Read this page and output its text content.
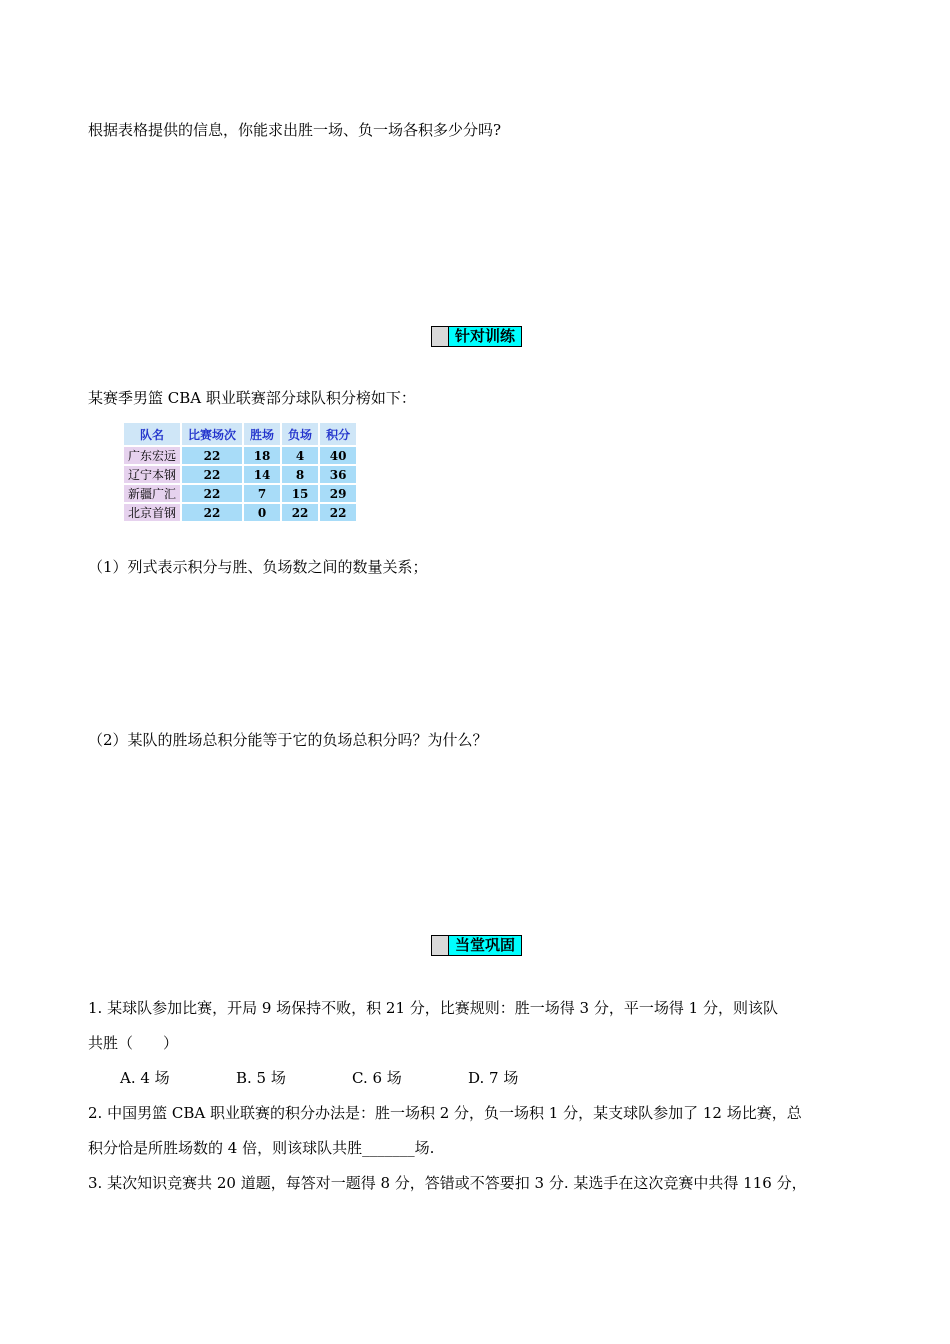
根据表格提供的信息，你能求出胜一场、负一场各积多少分吗?
针对训练
某赛季男篮 CBA 职业联赛部分球队积分榜如下：
队名	比赛场次	胜场	负场	积分
广东宏远	22	18	4	40
辽宁本钢	22	14	8	36
新疆广汇	22	7	15	29
北京首钢	22	0	22	22
（1）列式表示积分与胜、负场数之间的数量关系；
（2）某队的胜场总积分能等于它的负场总积分吗？为什么？
当堂巩固
1. 某球队参加比赛，开局 9 场保持不败，积 21 分，比赛规则：胜一场得 3 分，平一场得 1 分，则该队
共胜（　　）
A. 4 场	B. 5 场	C. 6 场	D. 7 场
2. 中国男篮 CBA 职业联赛的积分办法是：胜一场积 2 分，负一场积 1 分，某支球队参加了 12 场比赛，总
积分恰是所胜场数的 4 倍，则该球队共胜_______场.
3. 某次知识竞赛共 20 道题，每答对一题得 8 分，答错或不答要扣 3 分. 某选手在这次竞赛中共得 116 分，
